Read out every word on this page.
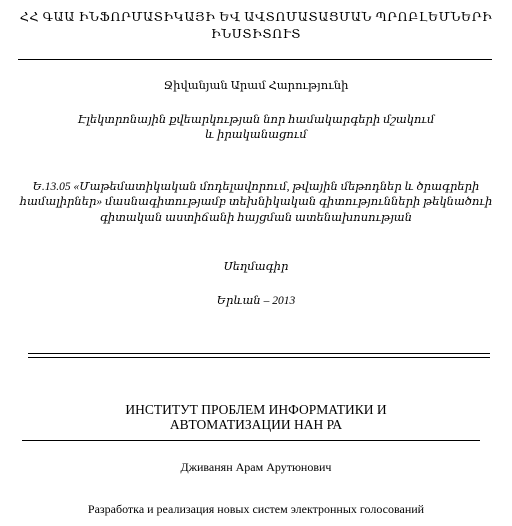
ՀՀ ԳԱԱ ԻՆՖՈՐՄԱՏԻԿԱՅԻ ԵՎ ԱՎՏՈՄԱՏԱՑՄԱՆ ՊՐՈԲԼԵՄՆԵՐԻ
ԻՆՍՏԻՏՈՒՏ
Ջիվանյան Արամ Հարությունի
Էլեկտրոնային քվեարկության նոր համակարգերի մշակում
և իրականացում
Ե.13.05 «Մաթեմատիկական մոդելավորում, թվային մեթոդներ և ծրագրերի
համալիրներ» մասնագիտությամբ տեխնիկական գիտությունների թեկնածուի
գիտական աստիճանի հայցման ատենախոսության
Սեղմագիր
Երևան – 2013
ИНСТИТУТ ПРОБЛЕМ ИНФОРМАТИКИ И
АВТОМАТИЗАЦИИ НАН РА
Дживанян Арам Арутюнович
Разработка и реализация новых систем электронных голосований
